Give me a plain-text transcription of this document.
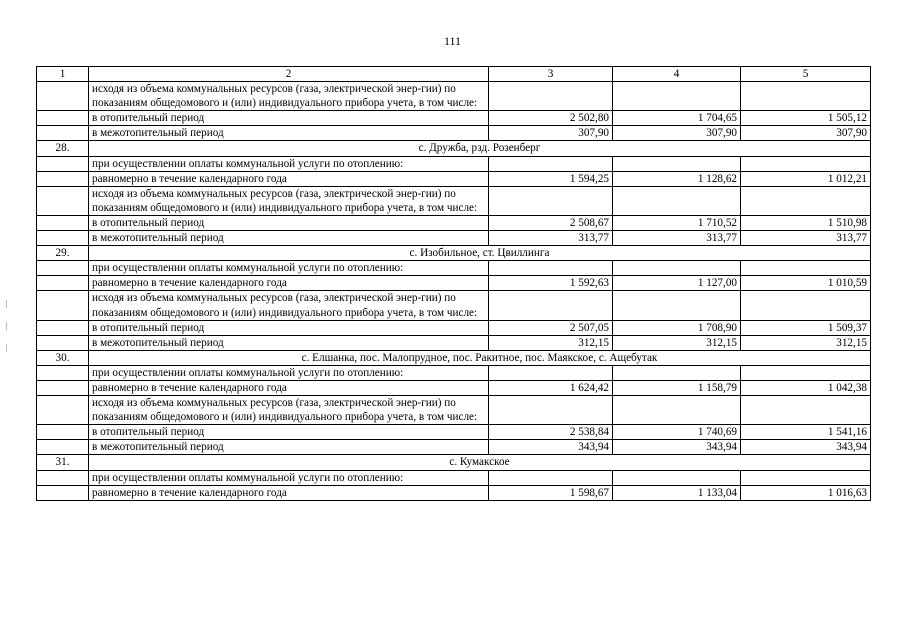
111
1	2	3	4	5
	исходя из объема коммунальных ресурсов (газа, электрической энер-гии) по показаниям общедомового и (или) индивидуального прибора учета, в том числе:			
	в отопительный период	2 502,80	1 704,65	1 505,12
	в межотопительный период	307,90	307,90	307,90
28.	с. Дружба, рзд. Розенберг			
	при осуществлении оплаты коммунальной услуги по отоплению:			
	равномерно в течение календарного года	1 594,25	1 128,62	1 012,21
	исходя из объема коммунальных ресурсов (газа, электрической энер-гии) по показаниям общедомового и (или) индивидуального прибора учета, в том числе:			
	в отопительный период	2 508,67	1 710,52	1 510,98
	в межотопительный период	313,77	313,77	313,77
29.	с. Изобильное, ст. Цвиллинга			
	при осуществлении оплаты коммунальной услуги по отоплению:			
	равномерно в течение календарного года	1 592,63	1 127,00	1 010,59
	исходя из объема коммунальных ресурсов (газа, электрической энер-гии) по показаниям общедомового и (или) индивидуального прибора учета, в том числе:			
	в отопительный период	2 507,05	1 708,90	1 509,37
	в межотопительный период	312,15	312,15	312,15
30.	с. Елшанка, пос. Малопрудное, пос. Ракитное, пос. Маякское, с. Ащебутак			
	при осуществлении оплаты коммунальной услуги по отоплению:			
	равномерно в течение календарного года	1 624,42	1 158,79	1 042,38
	исходя из объема коммунальных ресурсов (газа, электрической энер-гии) по показаниям общедомового и (или) индивидуального прибора учета, в том числе:			
	в отопительный период	2 538,84	1 740,69	1 541,16
	в межотопительный период	343,94	343,94	343,94
31.	с. Кумакское			
	при осуществлении оплаты коммунальной услуги по отоплению:			
	равномерно в течение календарного года	1 598,67	1 133,04	1 016,63
